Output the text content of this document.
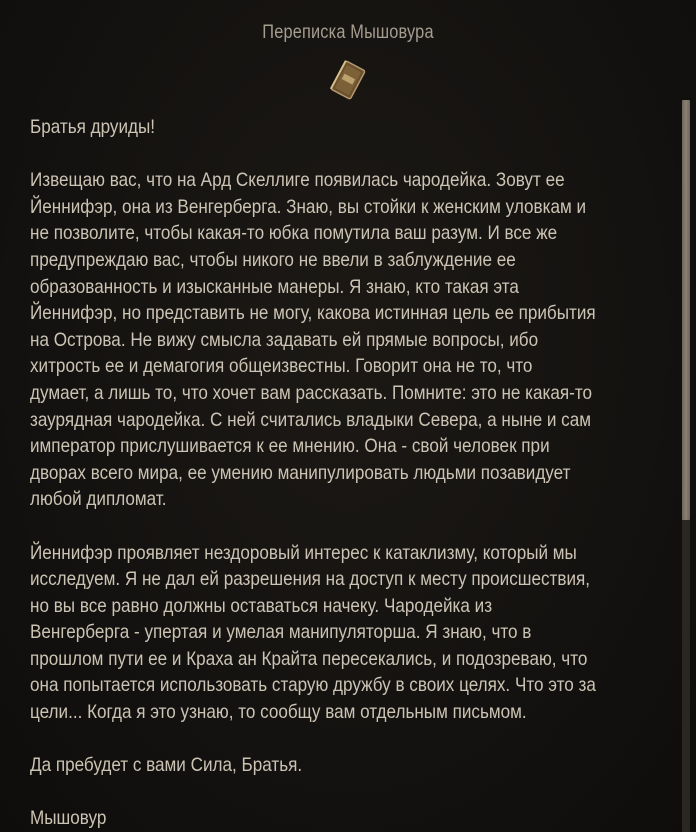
Переписка Мышовура
Братья друиды!
Извещаю вас, что на Ард Скеллиге появилась чародейка. Зовут ее
Йеннифэр, она из Венгерберга. Знаю, вы стойки к женским уловкам и
не позволите, чтобы какая-то юбка помутила ваш разум. И все же
предупреждаю вас, чтобы никого не ввели в заблуждение ее
образованность и изысканные манеры. Я знаю, кто такая эта
Йеннифэр, но представить не могу, какова истинная цель ее прибытия
на Острова. Не вижу смысла задавать ей прямые вопросы, ибо
хитрость ее и демагогия общеизвестны. Говорит она не то, что
думает, а лишь то, что хочет вам рассказать. Помните: это не какая-то
заурядная чародейка. С ней считались владыки Севера, а ныне и сам
император прислушивается к ее мнению. Она - свой человек при
дворах всего мира, ее умению манипулировать людьми позавидует
любой дипломат.
Йеннифэр проявляет нездоровый интерес к катаклизму, который мы
исследуем. Я не дал ей разрешения на доступ к месту происшествия,
но вы все равно должны оставаться начеку. Чародейка из
Венгерберга - упертая и умелая манипуляторша. Я знаю, что в
прошлом пути ее и Краха ан Крайта пересекались, и подозреваю, что
она попытается использовать старую дружбу в своих целях. Что это за
цели... Когда я это узнаю, то сообщу вам отдельным письмом.
Да пребудет с вами Сила, Братья.
Мышовур
